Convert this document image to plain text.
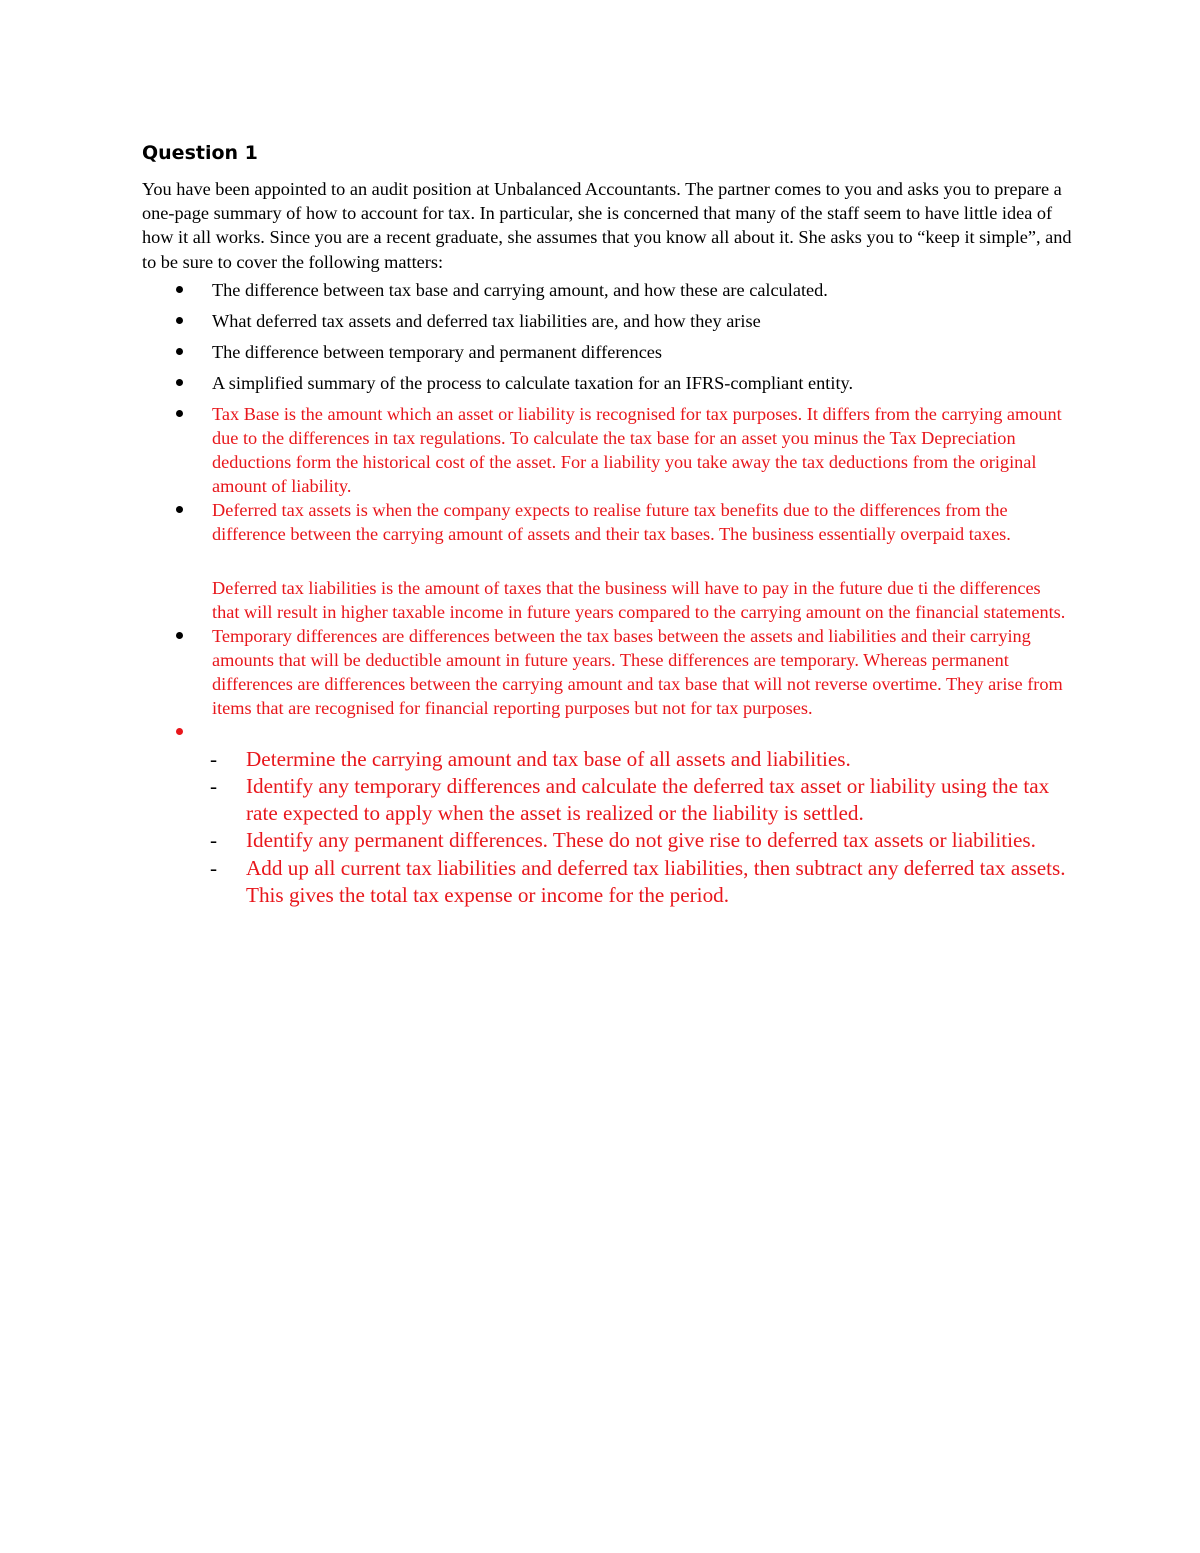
Question 1

You have been appointed to an audit position at Unbalanced Accountants. The partner comes to you and asks you to prepare a one-page summary of how to account for tax. In particular, she is concerned that many of the staff seem to have little idea of how it all works. Since you are a recent graduate, she assumes that you know all about it. She asks you to “keep it simple”, and to be sure to cover the following matters:

The difference between tax base and carrying amount, and how these are calculated.
What deferred tax assets and deferred tax liabilities are, and how they arise
The difference between temporary and permanent differences
A simplified summary of the process to calculate taxation for an IFRS-compliant entity.
Tax Base is the amount which an asset or liability is recognised for tax purposes. It differs from the carrying amount due to the differences in tax regulations. To calculate the tax base for an asset you minus the Tax Depreciation deductions form the historical cost of the asset. For a liability you take away the tax deductions from the original amount of liability.
Deferred tax assets is when the company expects to realise future tax benefits due to the differences from the difference between the carrying amount of assets and their tax bases. The business essentially overpaid taxes.
Deferred tax liabilities is the amount of taxes that the business will have to pay in the future due ti the differences that will result in higher taxable income in future years compared to the carrying amount on the financial statements.
Temporary differences are differences between the tax bases between the assets and liabilities and their carrying amounts that will be deductible amount in future years. These differences are temporary. Whereas permanent differences are differences between the carrying amount and tax base that will not reverse overtime. They arise from items that are recognised for financial reporting purposes but not for tax purposes.
- Determine the carrying amount and tax base of all assets and liabilities.
- Identify any temporary differences and calculate the deferred tax asset or liability using the tax rate expected to apply when the asset is realized or the liability is settled.
- Identify any permanent differences. These do not give rise to deferred tax assets or liabilities.
- Add up all current tax liabilities and deferred tax liabilities, then subtract any deferred tax assets. This gives the total tax expense or income for the period.
